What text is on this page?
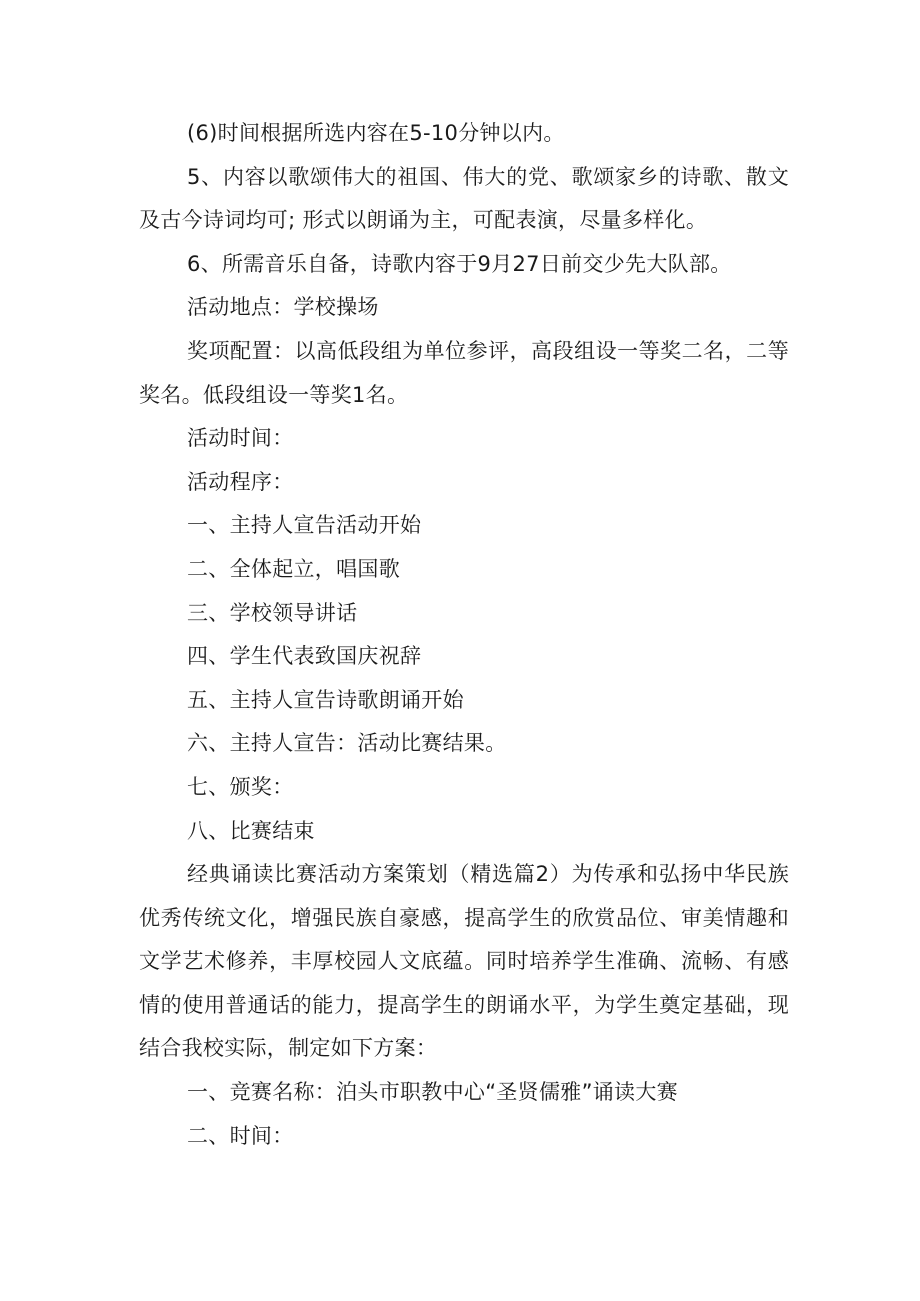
(6)时间根据所选内容在5-10分钟以内。

5、内容以歌颂伟大的祖国、伟大的党、歌颂家乡的诗歌、散文及古今诗词均可; 形式以朗诵为主，可配表演，尽量多样化。

6、所需音乐自备，诗歌内容于9月27日前交少先大队部。

活动地点：学校操场

奖项配置：以高低段组为单位参评，高段组设一等奖二名，二等奖名。低段组设一等奖1名。

活动时间：

活动程序：

一、主持人宣告活动开始

二、全体起立，唱国歌

三、学校领导讲话

四、学生代表致国庆祝辞

五、主持人宣告诗歌朗诵开始

六、主持人宣告：活动比赛结果。

七、颁奖：

八、比赛结束

经典诵读比赛活动方案策划（精选篇2）为传承和弘扬中华民族优秀传统文化，增强民族自豪感，提高学生的欣赏品位、审美情趣和文学艺术修养，丰厚校园人文底蕴。同时培养学生准确、流畅、有感情的使用普通话的能力，提高学生的朗诵水平，为学生奠定基础，现结合我校实际，制定如下方案：

一、竞赛名称：泊头市职教中心“圣贤儒雅”诵读大赛

二、时间：
